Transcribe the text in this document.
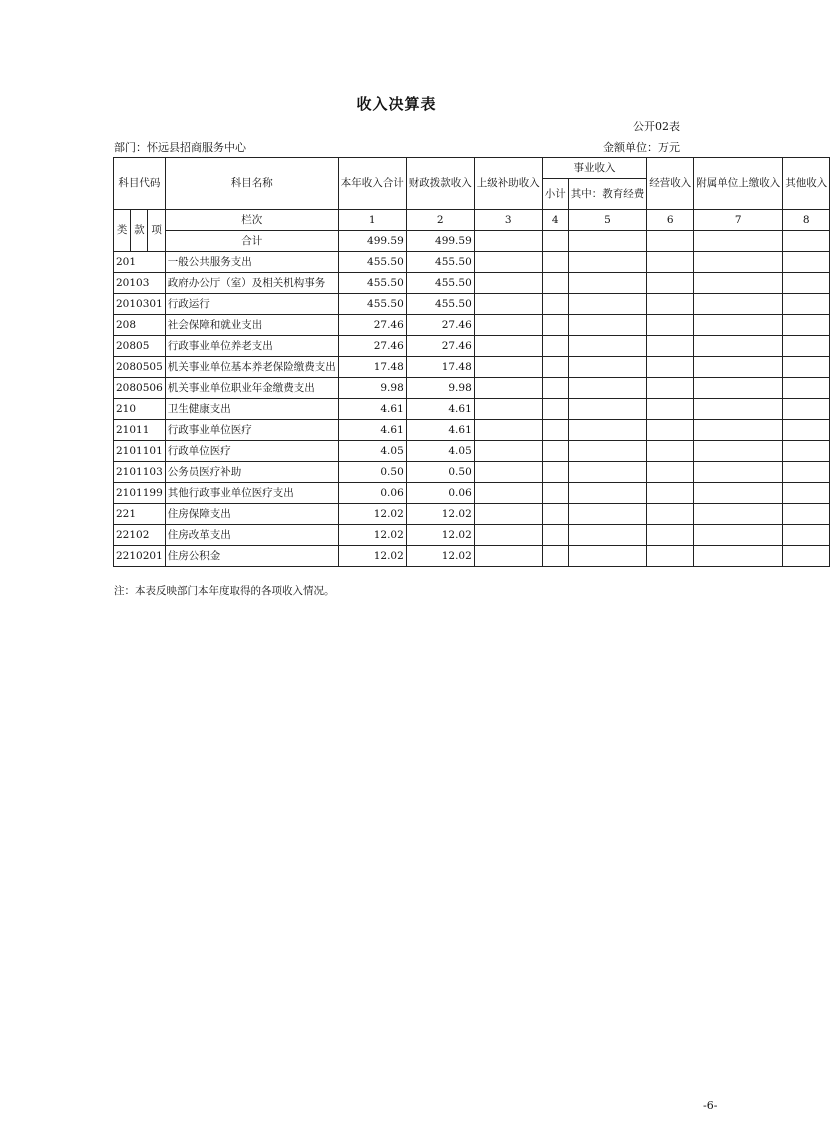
收入决算表
公开02表
部门：怀远县招商服务中心	金额单位：万元
科目代码			科目名称	本年收入合计	财政拨款收入	上级补助收入	事业收入		经营收入	附属单位上缴收入	其他收入
							小计	其中：教育经费			
类	款	项	栏次	1	2	3	4	5	6	7	8
			合计	499.59	499.59						
201			一般公共服务支出	455.50	455.50						
20103			政府办公厅（室）及相关机构事务	455.50	455.50						
2010301			行政运行	455.50	455.50						
208			社会保障和就业支出	27.46	27.46						
20805			行政事业单位养老支出	27.46	27.46						
2080505			机关事业单位基本养老保险缴费支出	17.48	17.48						
2080506			机关事业单位职业年金缴费支出	9.98	9.98						
210			卫生健康支出	4.61	4.61						
21011			行政事业单位医疗	4.61	4.61						
2101101			行政单位医疗	4.05	4.05						
2101103			公务员医疗补助	0.50	0.50						
2101199			其他行政事业单位医疗支出	0.06	0.06						
221			住房保障支出	12.02	12.02						
22102			住房改革支出	12.02	12.02						
2210201			住房公积金	12.02	12.02						
注：本表反映部门本年度取得的各项收入情况。
-6-
